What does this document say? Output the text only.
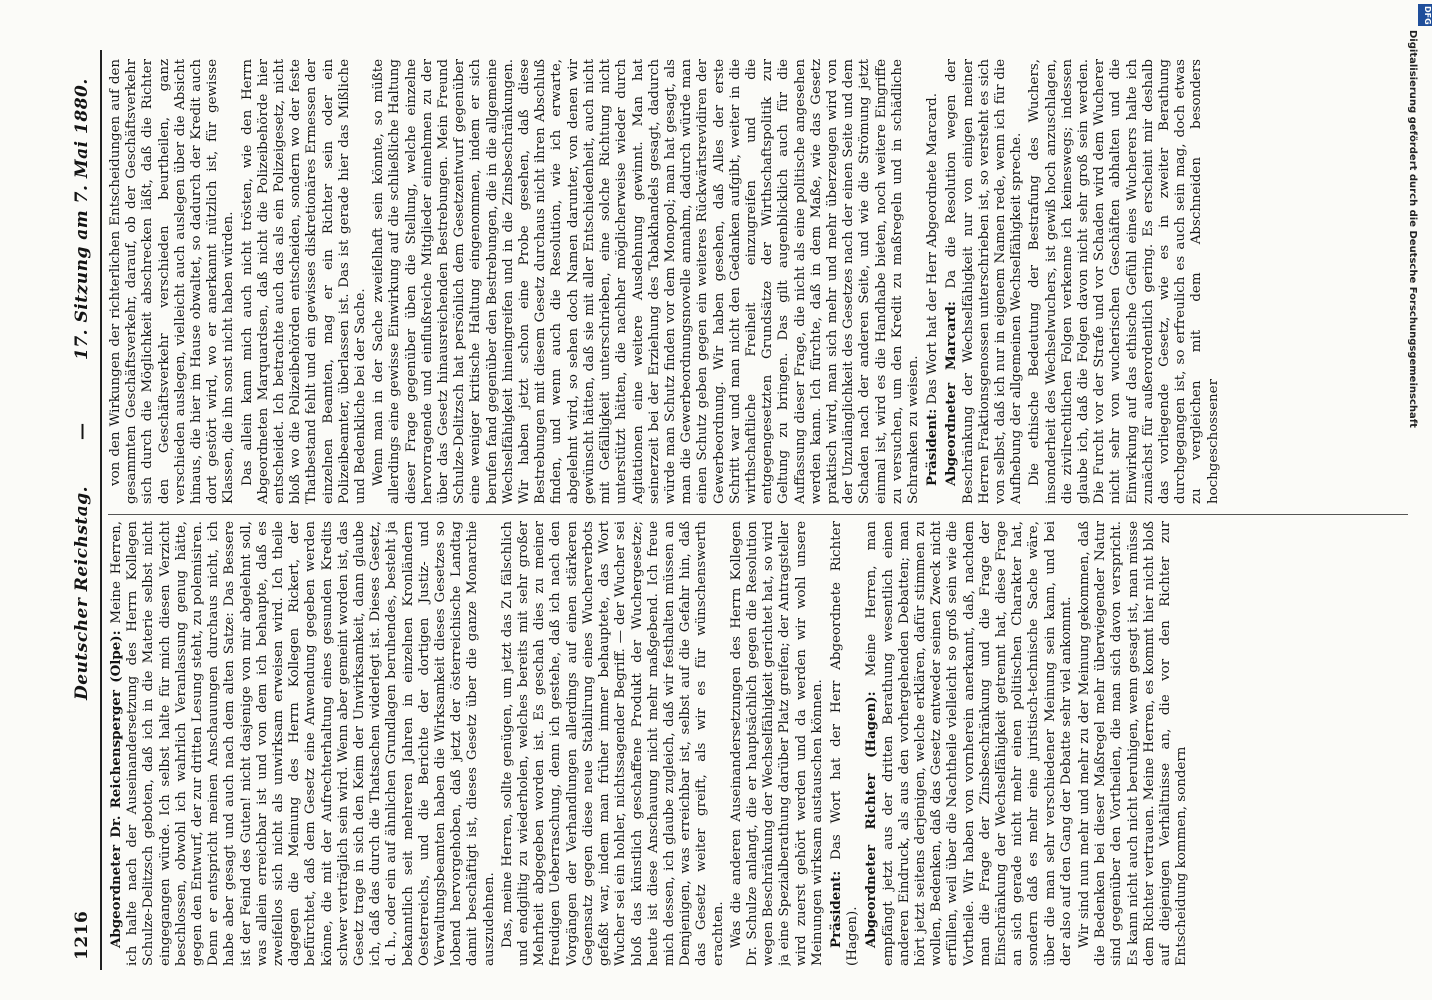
1216
Deutscher Reichstag.
—
17. Sitzung am 7. Mai 1880.

Abgeordneter Dr. Reichensperger (Olpe): Meine Herren, ich halte nach der Auseinandersetzung des Herrn Kollegen Schulze-Delitzsch geboten, daß ich in die Materie selbst nicht eingegangen würde. Ich selbst halte für mich diesen Verzicht beschlossen, obwohl ich wahrlich Veranlassung genug hätte, gegen den Entwurf, der zur dritten Lesung steht, zu polemisiren. Denn er entspricht meinen Anschauungen durchaus nicht, ich habe aber gesagt und auch nach dem alten Satze: Das Bessere ist der Feind des Guten! nicht dasjenige von mir abgelehnt soll, was allein erreichbar ist und von dem ich behaupte, daß es zweifellos sich nicht als unwirksam erweisen wird. Ich theile dagegen die Meinung des Herrn Kollegen Rickert, der befürchtet, daß dem Gesetz eine Anwendung gegeben werden könne, die mit der Aufrechterhaltung eines gesunden Kredits schwer verträglich sein wird. Wenn aber gemeint worden ist, das Gesetz trage in sich den Keim der Unwirksamkeit, dann glaube ich, daß das durch die Thatsachen widerlegt ist. Dieses Gesetz, d. h., oder ein auf ähnlichen Grundlagen beruhendes, besteht ja bekanntlich seit mehreren Jahren in einzelnen Kronländern Oesterreichs, und die Berichte der dortigen Justiz- und Verwaltungsbeamten haben die Wirksamkeit dieses Gesetzes so lobend hervorgehoben, daß jetzt der österreichische Landtag damit beschäftigt ist, dieses Gesetz über die ganze Monarchie auszudehnen. Das, meine Herren, sollte genügen, um jetzt das Zu fälschlich und endgiltig zu wiederholen, welches bereits mit sehr großer Mehrheit abgegeben worden ist. Es geschah dies zu meiner freudigen Ueberraschung, denn ich gestehe, daß ich nach den Vorgängen der Verhandlungen allerdings auf einen stärkeren Gegensatz gegen diese neue Stabilirung eines Wucherverbots gefaßt war, indem man früher immer behauptete, das Wort Wucher sei ein hohler, nichtssagender Begriff. — der Wucher sei bloß das künstlich geschaffene Produkt der Wuchergesetze; heute ist diese Anschauung nicht mehr maßgebend. Ich freue mich dessen, ich glaube zugleich, daß wir festhalten müssen an Demjenigen, was erreichbar ist, selbst auf die Gefahr hin, daß das Gesetz weiter greift, als wir es für wünschenswerth erachten. Was die anderen Auseinandersetzungen des Herrn Kollegen Dr. Schulze anlangt, die er hauptsächlich gegen die Resolution wegen Beschränkung der Wechselfähigkeit gerichtet hat, so wird ja eine Spezialberathung darüber Platz greifen; der Antragsteller wird zuerst gehört werden und da werden wir wohl unsere Meinungen wirksam austauschen können. Präsident: Das Wort hat der Herr Abgeordnete Richter (Hagen). Abgeordneter Richter (Hagen): Meine Herren, man empfängt jetzt aus der dritten Berathung wesentlich einen anderen Eindruck, als aus den vorhergehenden Debatten; man hört jetzt seitens derjenigen, welche erklären, dafür stimmen zu wollen, Bedenken, daß das Gesetz entweder seinen Zweck nicht erfüllen, weil über die Nachtheile vielleicht so groß sein wie die Vortheile. Wir haben von vornherein anerkannt, daß, nachdem man die Frage der Zinsbeschränkung und die Frage der Einschränkung der Wechselfähigkeit getrennt hat, diese Frage an sich gerade nicht mehr einen politischen Charakter hat, sondern daß es mehr eine juristisch-technische Sache wäre, über die man sehr verschiedener Meinung sein kann, und bei der also auf den Gang der Debatte sehr viel ankommt. Wir sind nun mehr und mehr zu der Meinung gekommen, daß die Bedenken bei dieser Maßregel mehr überwiegender Natur sind gegenüber den Vortheilen, die man sich davon verspricht. Es kann nicht auch nicht beruhigen, wenn gesagt ist, man müsse dem Richter vertrauen. Meine Herren, es kommt hier nicht bloß auf diejenigen Verhältnisse an, die vor den Richter zur Entscheidung kommen, sondern

von den Wirkungen der richterlichen Entscheidungen auf den gesammten Geschäftsverkehr, darauf, ob der Geschäftsverkehr sich durch die Möglichkeit abschrecken läßt, daß die Richter den Geschäftsverkehr verschieden beurtheilen, ganz verschieden auslegen, vielleicht auch auslegen über die Absicht hinaus, die hier im Hause obwaltet, so dadurch der Kredit auch dort gestört wird, wo er anerkannt nützlich ist, für gewisse Klassen, die ihn sonst nicht haben würden. Das allein kann mich auch nicht trösten, wie den Herrn Abgeordneten Marquardsen, daß nicht die Polizeibehörde hier entscheidet. Ich betrachte auch das als ein Polizeigesetz, nicht bloß wo die Polizeibehörden entscheiden, sondern wo der feste Thatbestand fehlt und ein gewisses diskretionäres Ermessen der einzelnen Beamten, mag er ein Richter sein oder ein Polizeibeamter, überlassen ist. Das ist gerade hier das Mißliche und Bedenkliche bei der Sache. Wenn man in der Sache zweifelhaft sein könnte, so müßte allerdings eine gewisse Einwirkung auf die schließliche Haltung dieser Frage gegenüber üben die Stellung, welche einzelne hervorragende und einflußreiche Mitglieder einnehmen zu der über das Gesetz hinausreichenden Bestrebungen. Mein Freund Schulze-Delitzsch hat persönlich dem Gesetzentwurf gegenüber eine weniger kritische Haltung eingenommen, indem er sich berufen fand gegenüber den Bestrebungen, die in die allgemeine Wechselfähigkeit hineingreifen und in die Zinsbeschränkungen. Wir haben jetzt schon eine Probe gesehen, daß diese Bestrebungen mit diesem Gesetz durchaus nicht ihren Abschluß finden, und wenn auch die Resolution, wie ich erwarte, abgelehnt wird, so sehen doch Namen darunter, von denen wir gewünscht hätten, daß sie mit aller Entschiedenheit, auch nicht mit Gefälligkeit unterschrieben, eine solche Richtung nicht unterstützt hätten, die nachher möglicherweise wieder durch Agitationen eine weitere Ausdehnung gewinnt. Man hat seinerzeit bei der Erziehung des Tabakhandels gesagt, dadurch würde man Schutz finden vor dem Monopol; man hat gesagt, als man die Gewerbeordnungsnovelle annahm, dadurch würde man einen Schutz geben gegen ein weiteres Rückwärtsrevidiren der Gewerbeordnung. Wir haben gesehen, daß Alles der erste Schritt war und man nicht den Gedanken aufgibt, weiter in die wirthschaftliche Freiheit einzugreifen und die entgegengesetzten Grundsätze der Wirthschaftspolitik zur Geltung zu bringen. Das gilt augenblicklich auch für die Auffassung dieser Frage, die nicht als eine politische angesehen werden kann. Ich fürchte, daß in dem Maße, wie das Gesetz praktisch wird, man sich mehr und mehr überzeugen wird von der Unzulänglichkeit des Gesetzes nach der einen Seite und dem Schaden nach der anderen Seite, und wie die Strömung jetzt einmal ist, wird es die Handhabe bieten, noch weitere Eingriffe zu versuchen, um den Kredit zu maßregeln und in schädliche Schranken zu weisen. Präsident: Das Wort hat der Herr Abgeordnete Marcard. Abgeordneter Marcard: Da die Resolution wegen der Beschränkung der Wechselfähigkeit nur von einigen meiner Herren Fraktionsgenossen unterschrieben ist, so versteht es sich von selbst, daß ich nur in eigenem Namen rede, wenn ich für die Aufhebung der allgemeinen Wechselfähigkeit spreche. Die ethische Bedeutung der Bestrafung des Wuchers, insonderheit des Wechselwuchers, ist gewiß hoch anzuschlagen, die zivilrechtlichen Folgen verkenne ich keineswegs; indessen glaube ich, daß die Folgen davon nicht sehr groß sein werden. Die Furcht vor der Strafe und vor Schaden wird dem Wucherer nicht sehr von wucherischen Geschäften abhalten und die Einwirkung auf das ethische Gefühl eines Wucherers halte ich zunächst für außerordentlich gering. Es erscheint mir deshalb das vorliegende Gesetz, wie es in zweiter Berathung durchgegangen ist, so erfreulich es auch sein mag, doch etwas zu vergleichen mit dem Abschneiden besonders hochgeschossener

Digitalisierung gefördert durch die Deutsche Forschungsgemeinschaft
DFG
